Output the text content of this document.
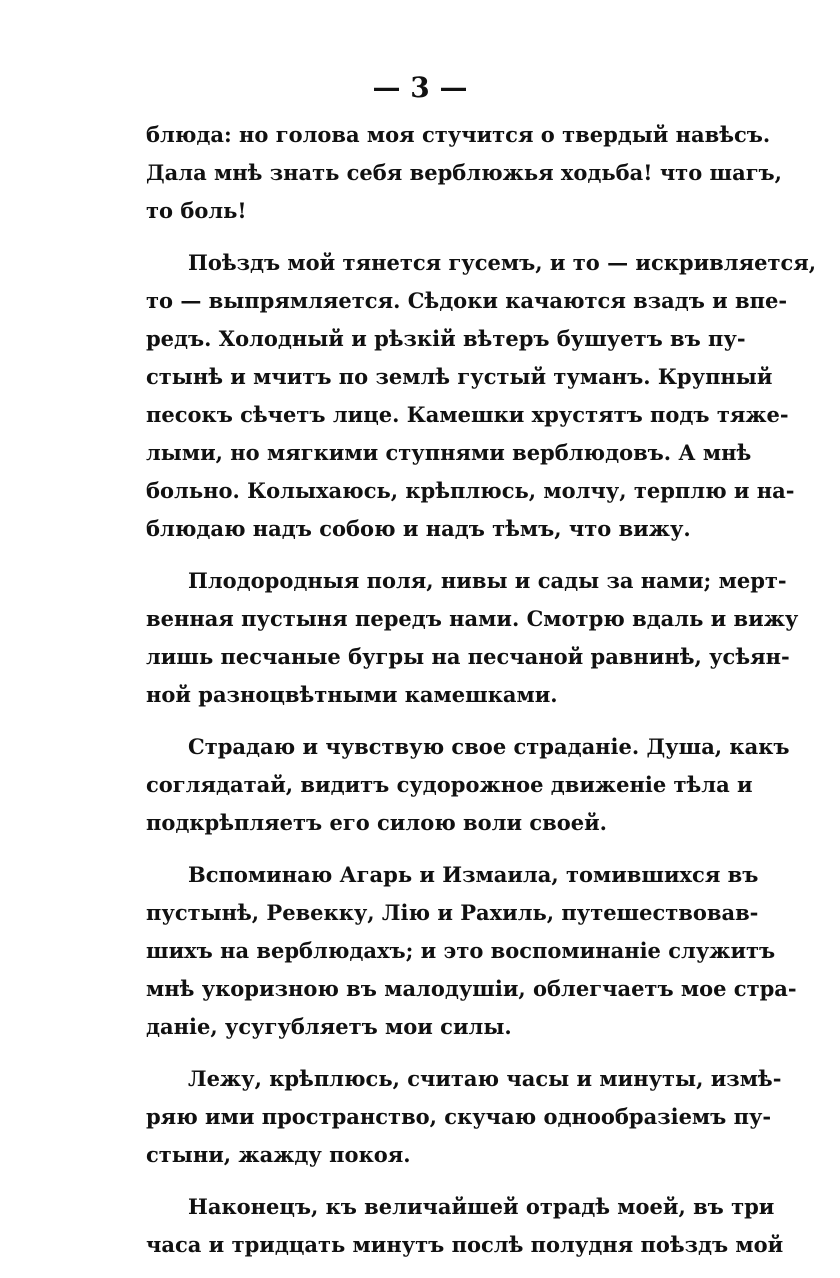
— 3 —
блюда: но голова моя стучится о твердый навѣсъ.
Дала мнѣ знать себя верблюжья ходьба! что шагъ,
то боль!
Поѣздъ мой тянется гусемъ, и то — искривляется,
то — выпрямляется. Сѣдоки качаются взадъ и впе-
редъ. Холодный и рѣзкій вѣтеръ бушуетъ въ пу-
стынѣ и мчитъ по землѣ густый туманъ. Крупный
песокъ сѣчетъ лице. Камешки хрустятъ подъ тяже-
лыми, но мягкими ступнями верблюдовъ. А мнѣ
больно. Колыхаюсь, крѣплюсь, молчу, терплю и на-
блюдаю надъ собою и надъ тѣмъ, что вижу.
Плодородныя поля, нивы и сады за нами; мерт-
венная пустыня передъ нами. Смотрю вдаль и вижу
лишь песчаные бугры на песчаной равнинѣ, усѣян-
ной разноцвѣтными камешками.
Страдаю и чувствую свое страданіе. Душа, какъ
соглядатай, видитъ судорожное движеніе тѣла и
подкрѣпляетъ его силою воли своей.
Вспоминаю Агарь и Измаила, томившихся въ
пустынѣ, Ревекку, Лію и Рахиль, путешествовав-
шихъ на верблюдахъ; и это воспоминаніе служитъ
мнѣ укоризною въ малодушіи, облегчаетъ мое стра-
даніе, усугубляетъ мои силы.
Лежу, крѣплюсь, считаю часы и минуты, измѣ-
ряю ими пространство, скучаю однообразіемъ пу-
стыни, жажду покоя.
Наконецъ, къ величайшей отрадѣ моей, въ три
часа и тридцать минутъ послѣ полудня поѣздъ мой
